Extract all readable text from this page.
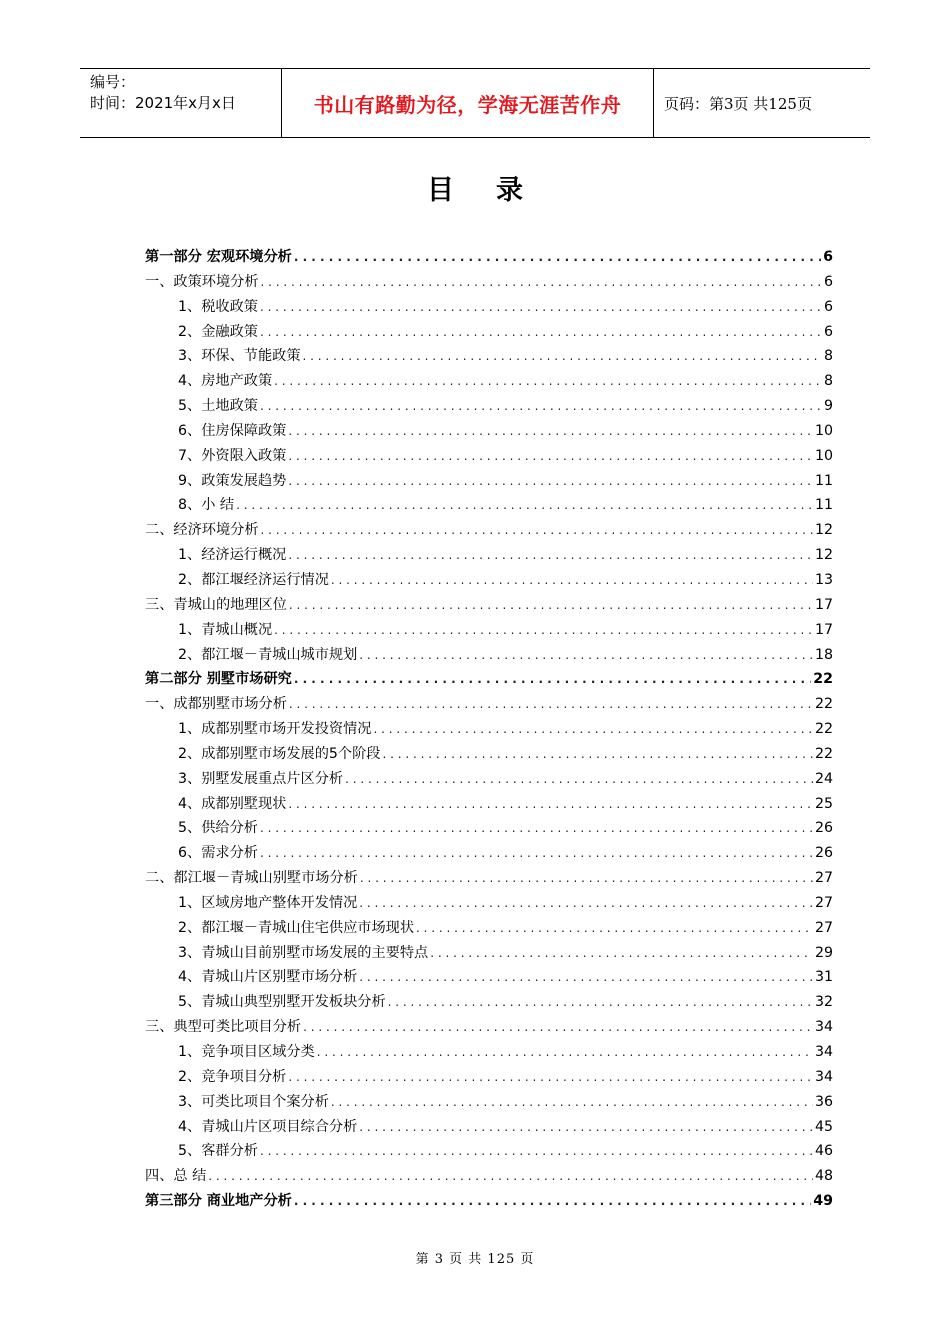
编号：
时间：2021年x月x日	书山有路勤为径，学海无涯苦作舟	页码：第3页 共125页
目录
第一部分 宏观环境分析 . . .	6
一、政策环境分析 . . .	6
1、税收政策 . . .	6
2、金融政策 . . .	6
3、环保、节能政策 . . .	8
4、房地产政策 . . .	8
5、土地政策 . . .	9
6、住房保障政策 . . .	10
7、外资限入政策 . . .	10
9、政策发展趋势 . . .	11
8、小 结 . . .	11
二、经济环境分析 . . .	12
1、经济运行概况 . . .	12
2、都江堰经济运行情况 . . .	13
三、青城山的地理区位 . . .	17
1、青城山概况 . . .	17
2、都江堰－青城山城市规划 . . .	18
第二部分 别墅市场研究 . . .	22
一、成都别墅市场分析 . . .	22
1、成都别墅市场开发投资情况 . . .	22
2、成都别墅市场发展的5个阶段 . . .	22
3、别墅发展重点片区分析 . . .	24
4、成都别墅现状 . . .	25
5、供给分析 . . .	26
6、需求分析 . . .	26
二、都江堰－青城山别墅市场分析 . . .	27
1、区域房地产整体开发情况 . . .	27
2、都江堰－青城山住宅供应市场现状 . . .	27
3、青城山目前别墅市场发展的主要特点 . . .	29
4、青城山片区别墅市场分析 . . .	31
5、青城山典型别墅开发板块分析 . . .	32
三、典型可类比项目分析 . . .	34
1、竞争项目区域分类 . . .	34
2、竞争项目分析 . . .	34
3、可类比项目个案分析 . . .	36
4、青城山片区项目综合分析 . . .	45
5、客群分析 . . .	46
四、总 结 . . .	48
第三部分 商业地产分析 . . .	49
第 3 页 共 125 页
